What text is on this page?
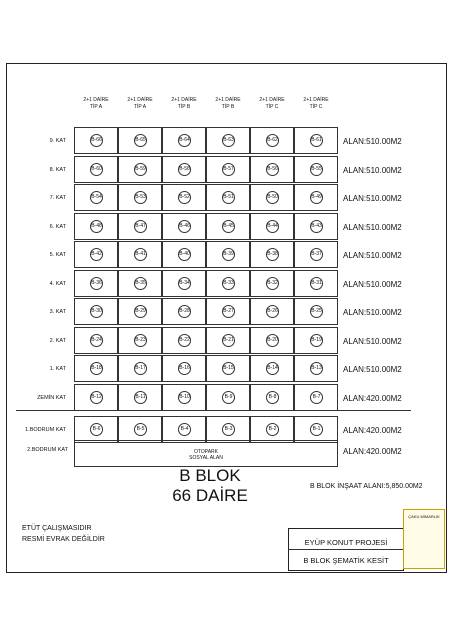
2+1 DAİRE
TİP A
2+1 DAİRE
TİP A
2+1 DAİRE
TİP B
2+1 DAİRE
TİP B
2+1 DAİRE
TİP C
2+1 DAİRE
TİP C
9. KAT	B-66	B-65	B-64	B-63	B-62	B-61	ALAN:510.00M2
8. KAT	B-60	B-59	B-58	B-57	B-56	B-55	ALAN:510.00M2
7. KAT	B-54	B-53	B-52	B-51	B-50	B-49	ALAN:510.00M2
6. KAT	B-48	B-47	B-46	B-45	B-44	B-43	ALAN:510.00M2
5. KAT	B-42	B-41	B-40	B-39	B-38	B-37	ALAN:510.00M2
4. KAT	B-36	B-35	B-34	B-33	B-32	B-31	ALAN:510.00M2
3. KAT	B-30	B-29	B-28	B-27	B-26	B-25	ALAN:510.00M2
2. KAT	B-24	B-23	B-22	B-21	B-20	B-19	ALAN:510.00M2
1. KAT	B-18	B-17	B-16	B-15	B-14	B-13	ALAN:510.00M2
ZEMİN KAT	B-12	B-11	B-10	B-9	B-8	B-7	ALAN:420.00M2
1.BODRUM KAT	B-6	B-5	B-4	B-3	B-2	B-1	ALAN:420.00M2
2.BODRUM KAT	OTOPARK
SOSYAL ALAN
ALAN:420.00M2
B BLOK
66 DAİRE	B BLOK İNŞAAT ALANI:5,850.00M2
ETÜT ÇALIŞMASIDIR
RESMİ EVRAK DEĞİLDİR	EYÜP KONUT PROJESİ
B BLOK ŞEMATİK KESİT
ÇAKU MİMARLIK
